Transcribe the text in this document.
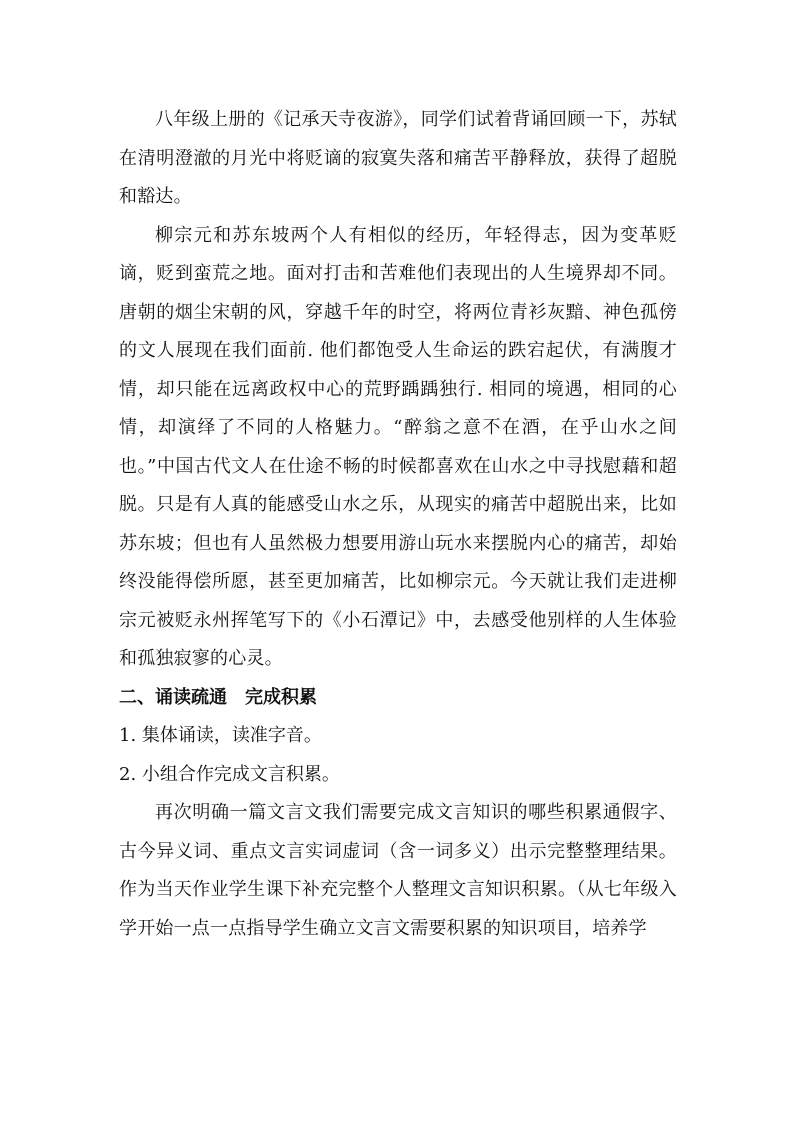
八年级上册的《记承天寺夜游》，同学们试着背诵回顾一下，苏轼在清明澄澈的月光中将贬谪的寂寞失落和痛苦平静释放，获得了超脱和豁达。

柳宗元和苏东坡两个人有相似的经历，年轻得志，因为变革贬谪，贬到蛮荒之地。面对打击和苦难他们表现出的人生境界却不同。唐朝的烟尘宋朝的风，穿越千年的时空，将两位青衫灰黯、神色孤傍的文人展现在我们面前. 他们都饱受人生命运的跌宕起伏，有满腹才情，却只能在远离政权中心的荒野踽踽独行. 相同的境遇，相同的心情，却演绎了不同的人格魅力。“醉翁之意不在酒，在乎山水之间也。”中国古代文人在仕途不畅的时候都喜欢在山水之中寻找慰藉和超脱。只是有人真的能感受山水之乐，从现实的痛苦中超脱出来，比如苏东坡；但也有人虽然极力想要用游山玩水来摆脱内心的痛苦，却始终没能得偿所愿，甚至更加痛苦，比如柳宗元。今天就让我们走进柳宗元被贬永州挥笔写下的《小石潭记》中，去感受他别样的人生体验和孤独寂寥的心灵。

二、诵读疏通　完成积累

1. 集体诵读，读准字音。

2. 小组合作完成文言积累。

再次明确一篇文言文我们需要完成文言知识的哪些积累通假字、古今异义词、重点文言实词虚词（含一词多义）出示完整整理结果。作为当天作业学生课下补充完整个人整理文言知识积累。（从七年级入学开始一点一点指导学生确立文言文需要积累的知识项目，培养学
